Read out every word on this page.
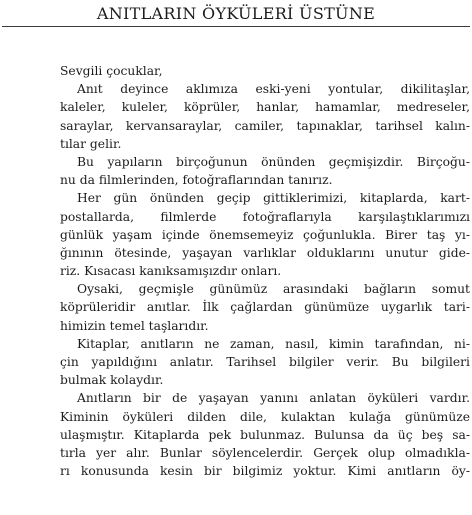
ANITLARIN ÖYKÜLERİ ÜSTÜNE
Sevgili çocuklar,
Anıt deyince aklımıza eski-yeni yontular, dikilitaşlar,
kaleler, kuleler, köprüler, hanlar, hamamlar, medreseler,
saraylar, kervansaraylar, camiler, tapınaklar, tarihsel kalın-
tılar gelir.
Bu yapıların birçoğunun önünden geçmişizdir. Birçoğu-
nu da filmlerinden, fotoğraflarından tanırız.
Her gün önünden geçip gittiklerimizi, kitaplarda, kart-
postallarda, filmlerde fotoğraflarıyla karşılaştıklarımızı
günlük yaşam içinde önemsemeyiz çoğunlukla. Birer taş yı-
ğınının ötesinde, yaşayan varlıklar olduklarını unutur gide-
riz. Kısacası kanıksamışızdır onları.
Oysaki, geçmişle günümüz arasındaki bağların somut
köprüleridir anıtlar. İlk çağlardan günümüze uygarlık tari-
himizin temel taşlarıdır.
Kitaplar, anıtların ne zaman, nasıl, kimin tarafından, ni-
çin yapıldığını anlatır. Tarihsel bilgiler verir. Bu bilgileri
bulmak kolaydır.
Anıtların bir de yaşayan yanını anlatan öyküleri vardır.
Kiminin öyküleri dilden dile, kulaktan kulağa günümüze
ulaşmıştır. Kitaplarda pek bulunmaz. Bulunsa da üç beş sa-
tırla yer alır. Bunlar söylencelerdir. Gerçek olup olmadıkla-
rı konusunda kesin bir bilgimiz yoktur. Kimi anıtların öy-
